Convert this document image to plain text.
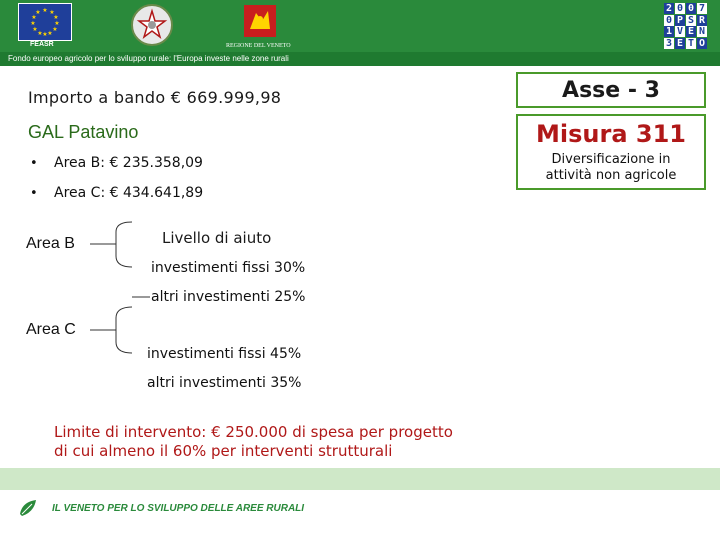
Fondo europeo agricolo per lo sviluppo rurale: l'Europa investe nelle zone rurali
★ ★
★
★
★
★
★
★
★
★
★
★
FEASR	REGIONE DEL VENETO
2 0 0 7
0 P S R
1 V E N
3 E T O
Importo a bando € 669.999,98
GAL Patavino
• Area B: € 235.358,09
• Area C: € 434.641,89
Livello di aiuto
Area B
investimenti fissi 30%
altri investimenti 25%
Area C
investimenti fissi 45%
altri investimenti 35%
Limite di intervento: € 250.000 di spesa per progetto
di cui almeno il 60% per interventi strutturali
Asse - 3
Misura 311
Diversificazione in
attività non agricole
IL VENETO PER LO SVILUPPO DELLE AREE RURALI
